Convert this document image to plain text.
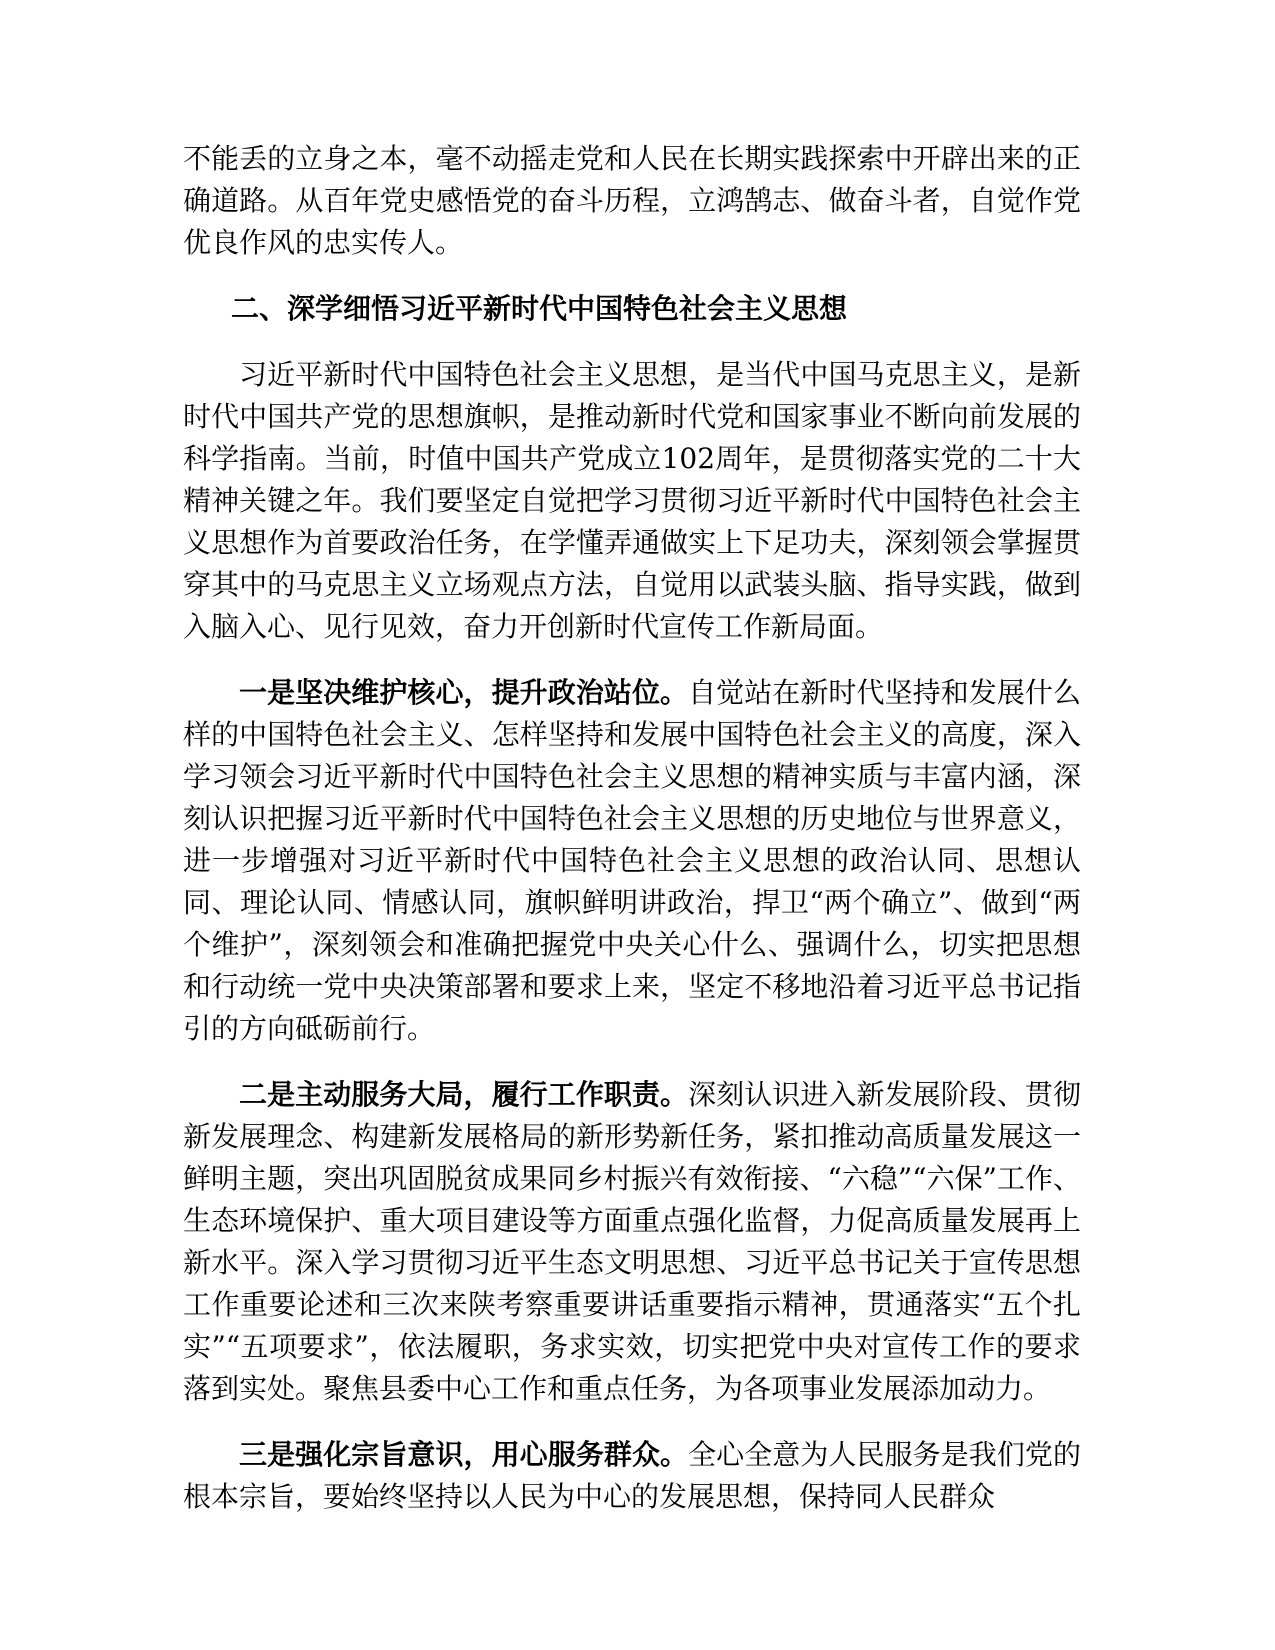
不能丢的立身之本，毫不动摇走党和人民在长期实践探索中开辟出来的正确道路。从百年党史感悟党的奋斗历程，立鸿鹄志、做奋斗者，自觉作党优良作风的忠实传人。

二、深学细悟习近平新时代中国特色社会主义思想

习近平新时代中国特色社会主义思想，是当代中国马克思主义，是新时代中国共产党的思想旗帜，是推动新时代党和国家事业不断向前发展的科学指南。当前，时值中国共产党成立102周年，是贯彻落实党的二十大精神关键之年。我们要坚定自觉把学习贯彻习近平新时代中国特色社会主义思想作为首要政治任务，在学懂弄通做实上下足功夫，深刻领会掌握贯穿其中的马克思主义立场观点方法，自觉用以武装头脑、指导实践，做到入脑入心、见行见效，奋力开创新时代宣传工作新局面。

一是坚决维护核心，提升政治站位。自觉站在新时代坚持和发展什么样的中国特色社会主义、怎样坚持和发展中国特色社会主义的高度，深入学习领会习近平新时代中国特色社会主义思想的精神实质与丰富内涵，深刻认识把握习近平新时代中国特色社会主义思想的历史地位与世界意义，进一步增强对习近平新时代中国特色社会主义思想的政治认同、思想认同、理论认同、情感认同，旗帜鲜明讲政治，捍卫“两个确立”、做到“两个维护”，深刻领会和准确把握党中央关心什么、强调什么，切实把思想和行动统一党中央决策部署和要求上来，坚定不移地沿着习近平总书记指引的方向砥砺前行。

二是主动服务大局，履行工作职责。深刻认识进入新发展阶段、贯彻新发展理念、构建新发展格局的新形势新任务，紧扣推动高质量发展这一鲜明主题，突出巩固脱贫成果同乡村振兴有效衔接、“六稳”“六保”工作、生态环境保护、重大项目建设等方面重点强化监督，力促高质量发展再上新水平。深入学习贯彻习近平生态文明思想、习近平总书记关于宣传思想工作重要论述和三次来陕考察重要讲话重要指示精神，贯通落实“五个扎实”“五项要求”，依法履职，务求实效，切实把党中央对宣传工作的要求落到实处。聚焦县委中心工作和重点任务，为各项事业发展添加动力。

三是强化宗旨意识，用心服务群众。全心全意为人民服务是我们党的根本宗旨，要始终坚持以人民为中心的发展思想，保持同人民群众
